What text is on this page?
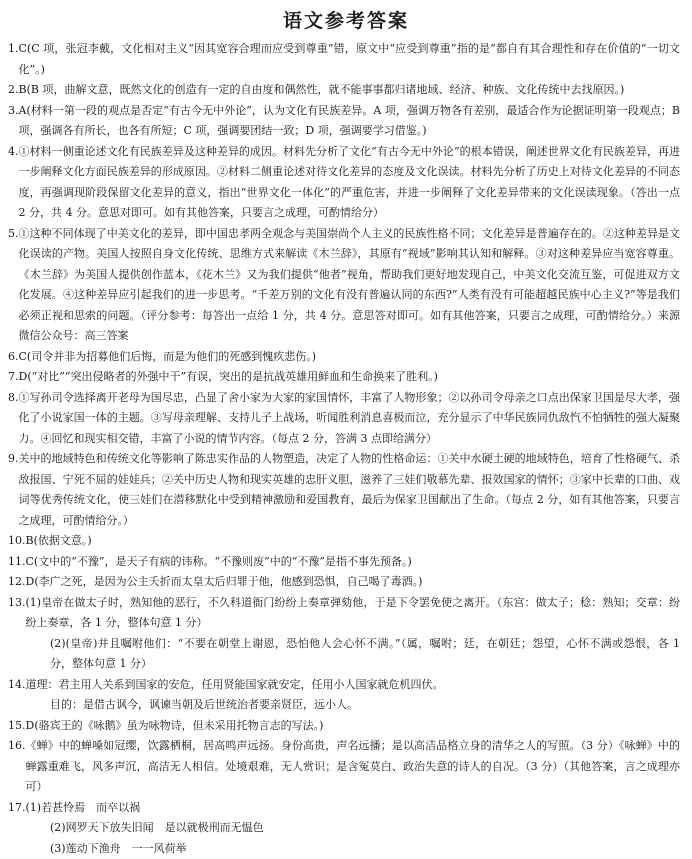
语文参考答案
1. C(C 项，张冠李戴，文化相对主义“因其宽容合理而应受到尊重”错，原文中“应受到尊重”指的是“都自有其合理性和存在价值的“一切文化”。)
2. B(B 项，曲解文意，既然文化的创造有一定的自由度和偶然性，就不能事事都归诸地域、经济、种族、文化传统中去找原因。)
3. A(材料一第一段的观点是否定“有古今无中外论”，认为文化有民族差异。A 项，强调万物各有差别，最适合作为论据证明第一段观点；B 项，强调各有所长，也各有所短；C 项，强调要团结一致；D 项，强调要学习借鉴。)
4. ①材料一侧重论述文化有民族差异及这种差异的成因。材料先分析了文化“有古今无中外论”的根本错误，阐述世界文化有民族差异，再进一步阐释文化方面民族差异的形成原因。②材料二侧重论述对待文化差异的态度及文化误读。材料先分析了历史上对待文化差异的不同态度，再强调现阶段保留文化差异的意义，指出“世界文化一体化”的严重危害，并进一步阐释了文化差异带来的文化误读现象。（答出一点 2 分，共 4 分。意思对即可。如有其他答案，只要言之成理，可酌情给分）
5. ①这种不同体现了中美文化的差异，即中国忠孝两全观念与美国崇尚个人主义的民族性格不同；文化差异是普遍存在的。②这种差异是文化误读的产物。美国人按照自身文化传统、思维方式来解读《木兰辞》，其原有“视域”影响其认知和解释。③对这种差异应当宽容尊重。《木兰辞》为美国人提供创作蓝本，《花木兰》又为我们提供“他者”视角，帮助我们更好地发现自己，中美文化交流互鉴，可促进双方文化发展。④这种差异应引起我们的进一步思考。“千差万别的文化有没有普遍认同的东西?”人类有没有可能超越民族中心主义?”等是我们必须正视和思索的问题。（评分参考：每答出一点给 1 分，共 4 分。意思答对即可。如有其他答案，只要言之成理，可酌情给分。）来源微信公众号：高三答案
6. C(司令并非为招募他们后悔，而是为他们的死感到愧疚悲伤。)
7. D(“对比”“突出侵略者的外强中干”有误，突出的是抗战英雄用鲜血和生命换来了胜利。)
8. ①写孙司令选择离开老母为国尽忠，凸显了舍小家为大家的家国情怀，丰富了人物形象；②以孙司令母亲之口点出保家卫国是尽大孝，强化了小说家国一体的主题。③写母亲理解、支持儿子上战场，听闻胜利消息喜极而泣，充分显示了中华民族同仇敌忾不怕牺牲的强大凝聚力。④回忆和现实相交错，丰富了小说的情节内容。（每点 2 分，答满 3 点即给满分）
9. 关中的地域特色和传统文化等影响了陈忠实作品的人物塑造，决定了人物的性格命运：①关中水硬土硬的地域特色，培育了性格硬气、杀敌报国、宁死不屈的娃娃兵；②关中历史人物和现实英雄的忠肝义胆，滋养了三娃们敬慕先辈、报效国家的情怀；③家中长辈的口曲、戏词等优秀传统文化，使三娃们在潜移默化中受到精神激励和爱国教育，最后为保家卫国献出了生命。（每点 2 分，如有其他答案，只要言之成理，可酌情给分。）
10. B(依据文意。)
11. C(文中的“不豫”，是天子有病的讳称。“不豫则废”中的“不豫”是指不事先预备。)
12. D(李广之死，是因为公主夭折而太皇太后归罪于他，他感到恐惧，自己喝了毒酒。)
13. (1)皇帝在做太子时，熟知他的恶行，不久科道衙门纷纷上奏章弹劾他，于是下令罢免使之离开。（东宫：做太子；稔：熟知；交章：纷纷上奏章，各 1 分，整体句意 1 分）
(2)(皇帝)并且嘱咐他们：“不要在朝堂上谢恩，恐怕他人会心怀不满。”（属，嘱咐；廷，在朝廷；怨望，心怀不满或怨恨，各 1 分，整体句意 1 分）
14. 道理：君主用人关系到国家的安危，任用贤能国家就安定，任用小人国家就危机四伏。
目的：是借古讽今，讽谏当朝及后世统治者要亲贤臣，远小人。
15. D(骆宾王的《咏鹅》虽为咏物诗，但未采用托物言志的写法。)
16. 《蝉》中的蝉嗓如冠缨，饮露栖桐，居高鸣声远扬。身份高贵，声名远播；是以高洁品格立身的清华之人的写照。（3 分）《咏蝉》中的蝉露重难飞，风多声沉，高洁无人相信。处境艰难，无人赏识；是含冤莫白、政治失意的诗人的自况。（3 分）（其他答案，言之成理亦可）
17. (1)若甚怜焉　而卒以祸
(2)网罗天下放失旧闻　是以就极刑而无愠色
(3)莲动下渔舟　一一风荷举
